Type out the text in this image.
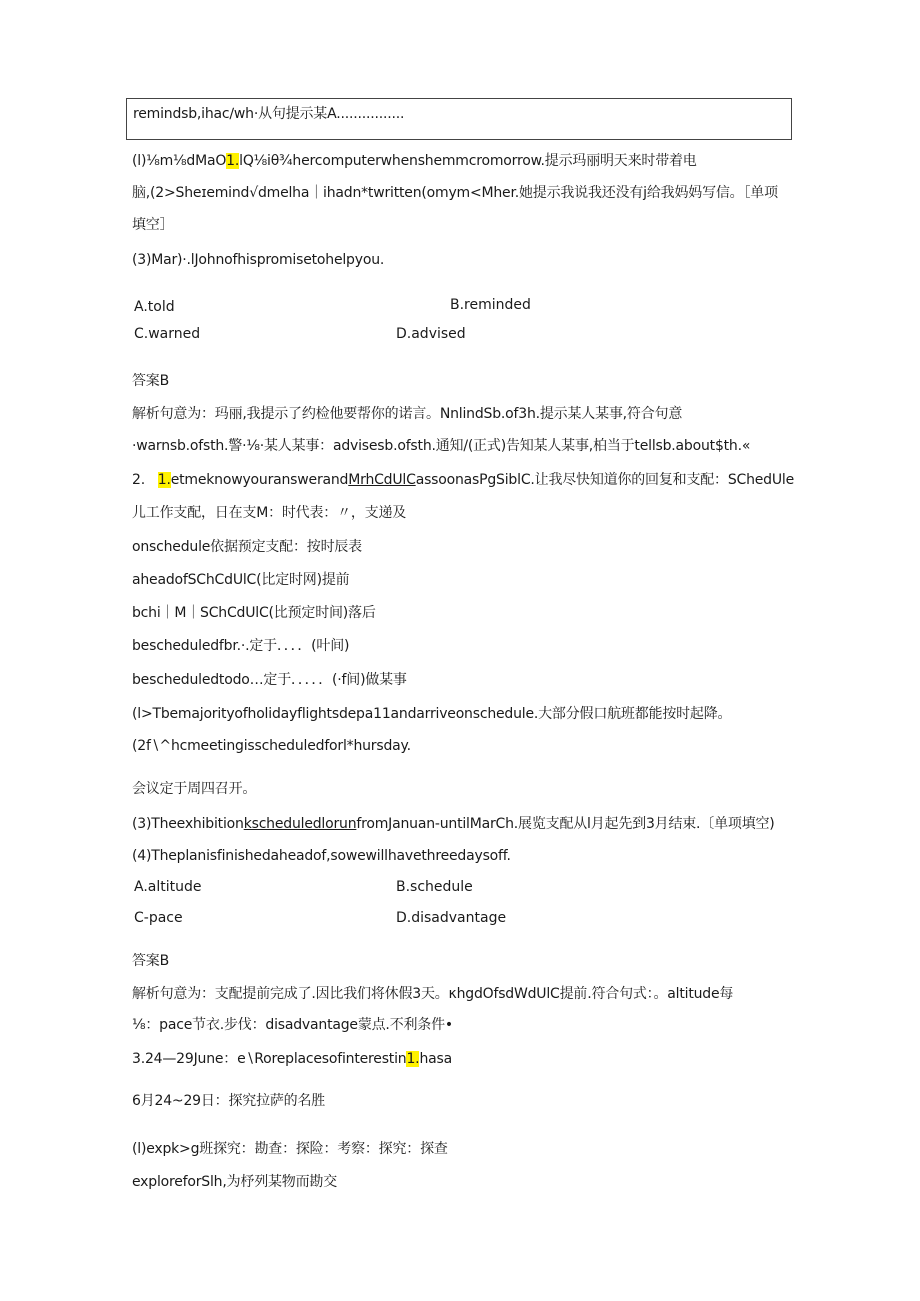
remindsb,ihac∕wh·从句提示某A................
(l)⅛m⅛dMaO1.lQ⅛iθ¾hercomputerwhenshemmcromorrow.提示玛丽明天来时带着电
脑,(2>Sheɪemind√dmelha｜ihadn*twritten(omym<Mher.她提示我说我还没有j给我妈妈写信。［单项
填空］
(3)Mar)·.lJohnofhispromisetohelpyou.
A.told	B.reminded
C.warned	D.advised
答案B
解析句意为：玛丽,我提示了约检他要帮你的诺言。NnlindSb.of3h.提示某人某事,符合句意
·warnsb.ofsth.警·⅛·某人某事：advisesb.ofsth.通知/(正式)告知某人某事,柏当于tellsb.about$th.«
2. 1.etmeknowyouranswerandMrhCdUlCassoonasPgSiblC.让我尽快知道你的回复和支配：SChedUle
儿工作支配，日在支M：时代表：〃，支递及
onschedule依据预定支配：按时辰表
aheadofSChCdUlC(比定时网)提前
bchi｜M｜SChCdUlC(比预定时间)落后
bescheduledfbr.·.定于．．．．(叶间)
bescheduledtodo…定于．．．．．(·f间)做某事
(l>Tbemajorityofholidayflightsdepa11andarriveonschedule.大部分假口航班都能按时起降。
(2f∖^hcmeetingisscheduledforl*hursday.
会议定于周四召开。
(3)TheexhibitionkscheduledlorunfromJanuan-untilMarCh.展览支配从l月起先到3月结束.〔单项填空)
(4)Theplanisfinishedaheadof,sowewillhavethreedaysoff.
A.altitude	B.schedule
C-pace	D.disadvantage
答案B
解析句意为：支配提前完成了.因比我们将休假3天。κhgdOfsdWdUlC提前.符合句式：。altitude每
⅛：pace节衣.步伐：disadvantage蒙点.不利条件•
3.24—29June：e∖Roreplacesofinterestin1.hasa
6月24~29日：探究拉萨的名胜
(l)expk>g班探究：勘查：探险：考察：探究：探查
exploreforSlh,为杼列某物而勘交
